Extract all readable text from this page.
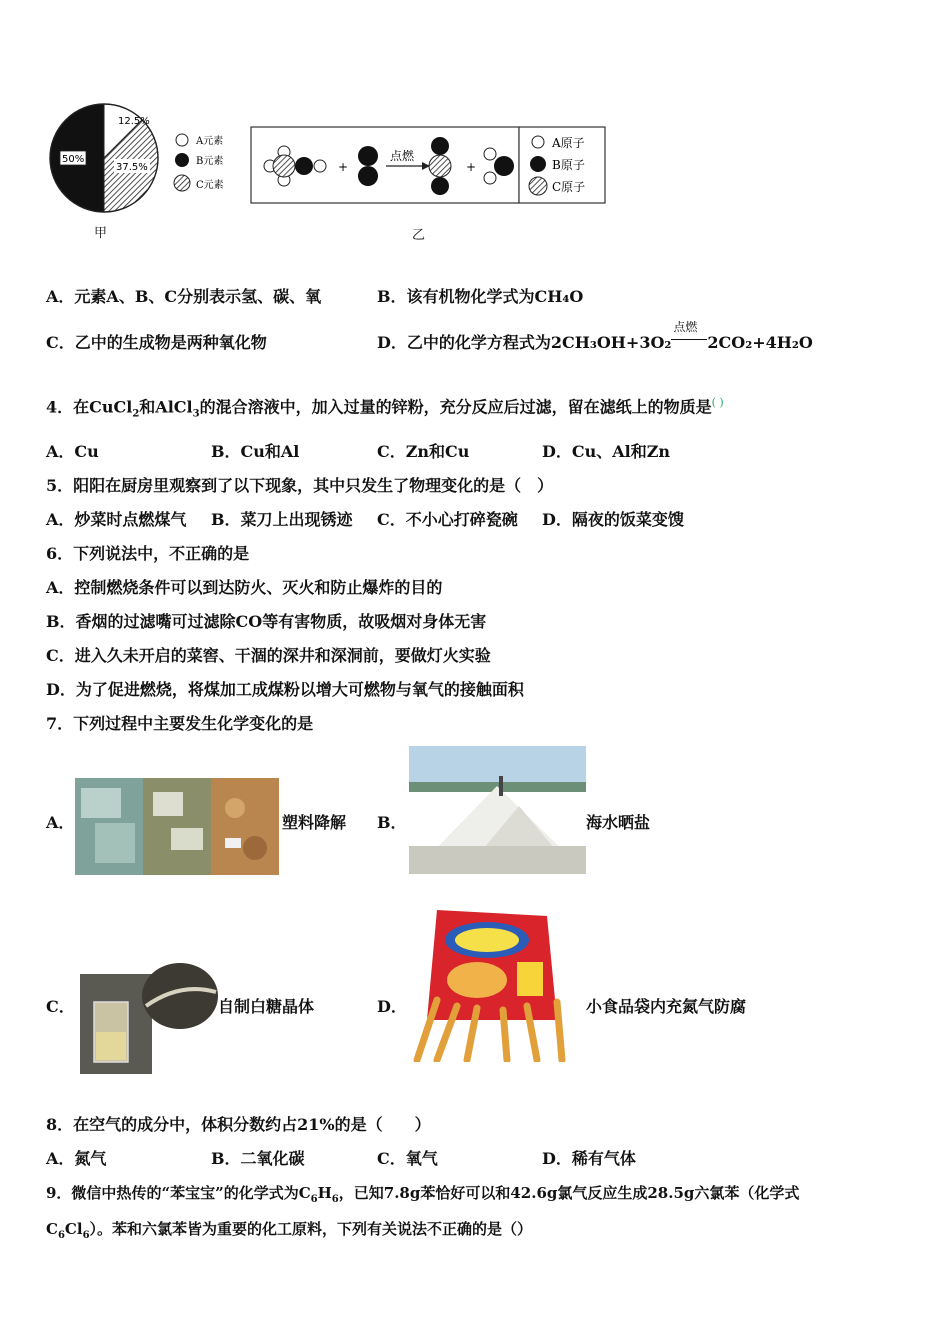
12.5%
50%
37.5%
A元素
B元素
C元素
甲
+
点燃
+
A原子
B原子
C原子
乙
A．元素A、B、C分别表示氢、碳、氧	B．该有机物化学式为CH₄O
C．乙中的生成物是两种氧化物	D．乙中的化学方程式为2CH₃OH+3O₂
点燃
2CO₂+4H₂O
4．在CuCl$_2$和AlCl$_3$的混合溶液中，加入过量的锌粉，充分反应后过滤，留在滤纸上的物质是( )
A．Cu	B．Cu和Al	C．Zn和Cu	D．Cu、Al和Zn
5．阳阳在厨房里观察到了以下现象，其中只发生了物理变化的是（　）
A．炒菜时点燃煤气 B．菜刀上出现锈迹 C．不小心打碎瓷碗 D．隔夜的饭菜变馊
6．下列说法中，不正确的是
A．控制燃烧条件可以到达防火、灭火和防止爆炸的目的
B．香烟的过滤嘴可过滤除CO等有害物质，故吸烟对身体无害
C．进入久未开启的菜窖、干涸的深井和深洞前，要做灯火实验
D．为了促进燃烧，将煤加工成煤粉以增大可燃物与氧气的接触面积
7．下列过程中主要发生化学变化的是
A．	塑料降解 B．	海水晒盐
C．	自制白糖晶体	D．	小食品袋内充氮气防腐
8．在空气的成分中，体积分数约占21%的是（　　）
A．氮气	B．二氧化碳	C．氧气	D．稀有气体
9．微信中热传的“苯宝宝”的化学式为$C_6H_6$，已知7.8g苯恰好可以和42.6g氯气反应生成28.5g六氯苯（化学式
$C_6Cl_6$）。苯和六氯苯皆为重要的化工原料，下列有关说法不正确的是（）
